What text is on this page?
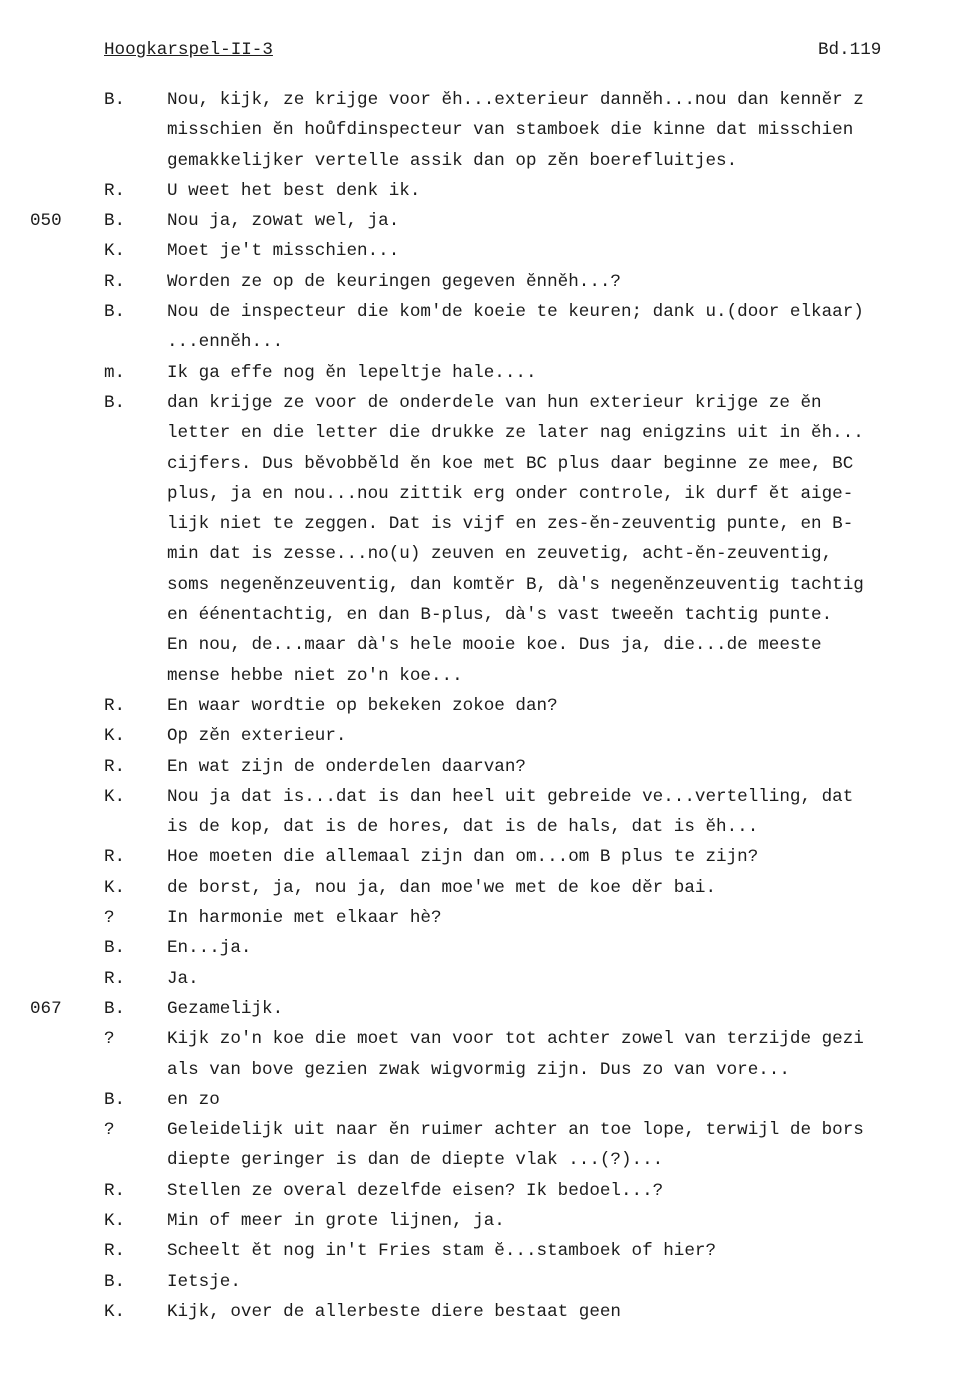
Hoogkarspel-II-3	Bd.119
B. Nou, kijk, ze krijge voor ĕh...exterieur dannĕh...nou dan kennĕr z
misschien ĕn hoůfdinspecteur van stamboek die kinne dat misschien
gemakkelijker vertelle assik dan op zĕn boerefluitjes.
R. U weet het best denk ik.
050 B. Nou ja, zowat wel, ja.
K. Moet je't misschien...
R. Worden ze op de keuringen gegeven ĕnnĕh...?
B. Nou de inspecteur die kom'de koeie te keuren; dank u.(door elkaar)
...ennĕh...
m. Ik ga effe nog ĕn lepeltje hale....
B. dan krijge ze voor de onderdele van hun exterieur krijge ze ĕn
letter en die letter die drukke ze later nag enigzins uit in ĕh...
cijfers. Dus bĕvobbĕld ĕn koe met BC plus daar beginne ze mee, BC
plus, ja en nou...nou zittik erg onder controle, ik durf ĕt aige-
lijk niet te zeggen. Dat is vijf en zes-ĕn-zeuventig punte, en B-
min dat is zesse...no(u) zeuven en zeuvetig, acht-ĕn-zeuventig,
soms negenĕnzeuventig, dan komtĕr B, dà's negenĕnzeuventig tachtig
en éénentachtig, en dan B-plus, dà's vast tweeĕn tachtig punte.
En nou, de...maar dà's hele mooie koe. Dus ja, die...de meeste
mense hebbe niet zo'n koe...
R. En waar wordtie op bekeken zokoe dan?
K. Op zĕn exterieur.
R. En wat zijn de onderdelen daarvan?
K. Nou ja dat is...dat is dan heel uit gebreide ve...vertelling, dat
is de kop, dat is de hores, dat is de hals, dat is ĕh...
R. Hoe moeten die allemaal zijn dan om...om B plus te zijn?
K. de borst, ja, nou ja, dan moe'we met de koe dĕr bai.
?	In harmonie met elkaar hè?
B. En...ja.
R. Ja.
067 B. Gezamelijk.
?	Kijk zo'n koe die moet van voor tot achter zowel van terzijde gezi
als van bove gezien zwak wigvormig zijn. Dus zo van vore...
B. en zo
?	Geleidelijk uit naar ĕn ruimer achter an toe lope, terwijl de bors
diepte geringer is dan de diepte vlak ...(?)...
R. Stellen ze overal dezelfde eisen? Ik bedoel...?
K. Min of meer in grote lijnen, ja.
R. Scheelt ĕt nog in't Fries stam ĕ...stamboek of hier?
B. Ietsje.
K. Kijk, over de allerbeste diere bestaat geen
